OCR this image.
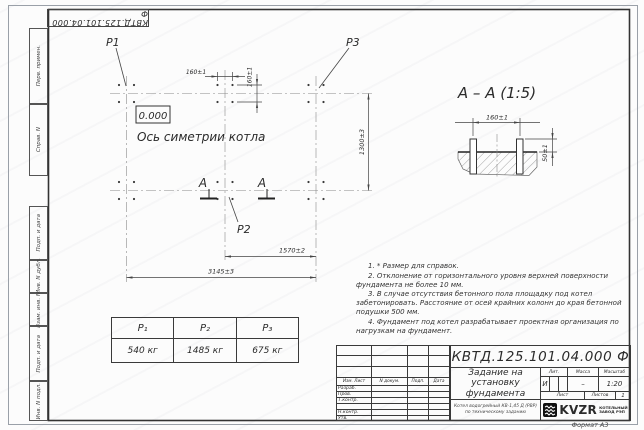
160±1	160±1
1300±3
1570±2
3145±3
P1	P3
P2
0.000
Ось симетрии котла
А	А
А – А (1:5)
160±1
50±1
КВТД.125.101.04.000 Ф
Перв. примен.
Справ. N
Подп. и дата
Инв. N дубл.
Взам. инв. N
Подп. и дата
Инв. N подл.

1. * Размер для справок.

2. Отклонение от горизонтального уровня верхней поверхности фундамента не более 10 мм.

3. В случае отсутствия бетонного пола площадку под котел забетонировать. Расстояние от осей крайних колонн до края бетонной подушки 500 мм.

4. Фундамент под котел разрабатывает проектная организация по нагрузкам на фундамент.

P₁	P₂	P₃
540 кг	1485 кг	675 кг
Изм. Лист	N докум.	Подп.	Дата
Разраб.
Пров.
Т.контр.
Н.контр.
Утв.
КВТД.125.101.04.000 Ф
Задание на установку фундамента
Котел водогрейный КВ-1,45 Д (РВР) по техническому заданию
Лит.	Масса	Масштаб
И	–	1:20
Лист	Листов	1
KVZR КОТЕЛЬНЫЙ
ЗАВОД РЭП
Формат А3
